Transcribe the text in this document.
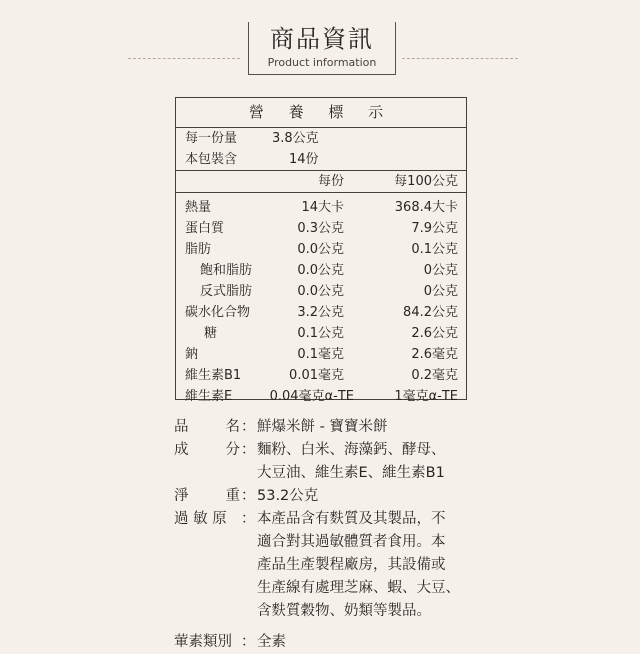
商品資訊
Product information
營 養 標 示
每一份量	3.8公克
本包裝含	14份
每份	每100公克
熱量	14大卡	368.4大卡
蛋白質	0.3公克	7.9公克
脂肪	0.0公克	0.1公克
飽和脂肪	0.0公克	0公克
反式脂肪	0.0公克	0公克
碳水化合物	3.2公克	84.2公克
糖	0.1公克	2.6公克
鈉	0.1毫克	2.6毫克
維生素B1	0.01毫克	0.2毫克
維生素E	0.04毫克α-TE	1毫克α-TE
品	名 ： 鮮爆米餅 - 寶寶米餅
成	分 ： 麵粉、白米、海藻鈣、酵母、
大豆油、維生素E、維生素B1
淨	重 ： 53.2公克
過 敏 原 ： 本產品含有麩質及其製品，不
適合對其過敏體質者食用。本
產品生產製程廠房，其設備或
生產線有處理芝麻、蝦、大豆、
含麩質穀物、奶類等製品。
葷素類別 ： 全素
